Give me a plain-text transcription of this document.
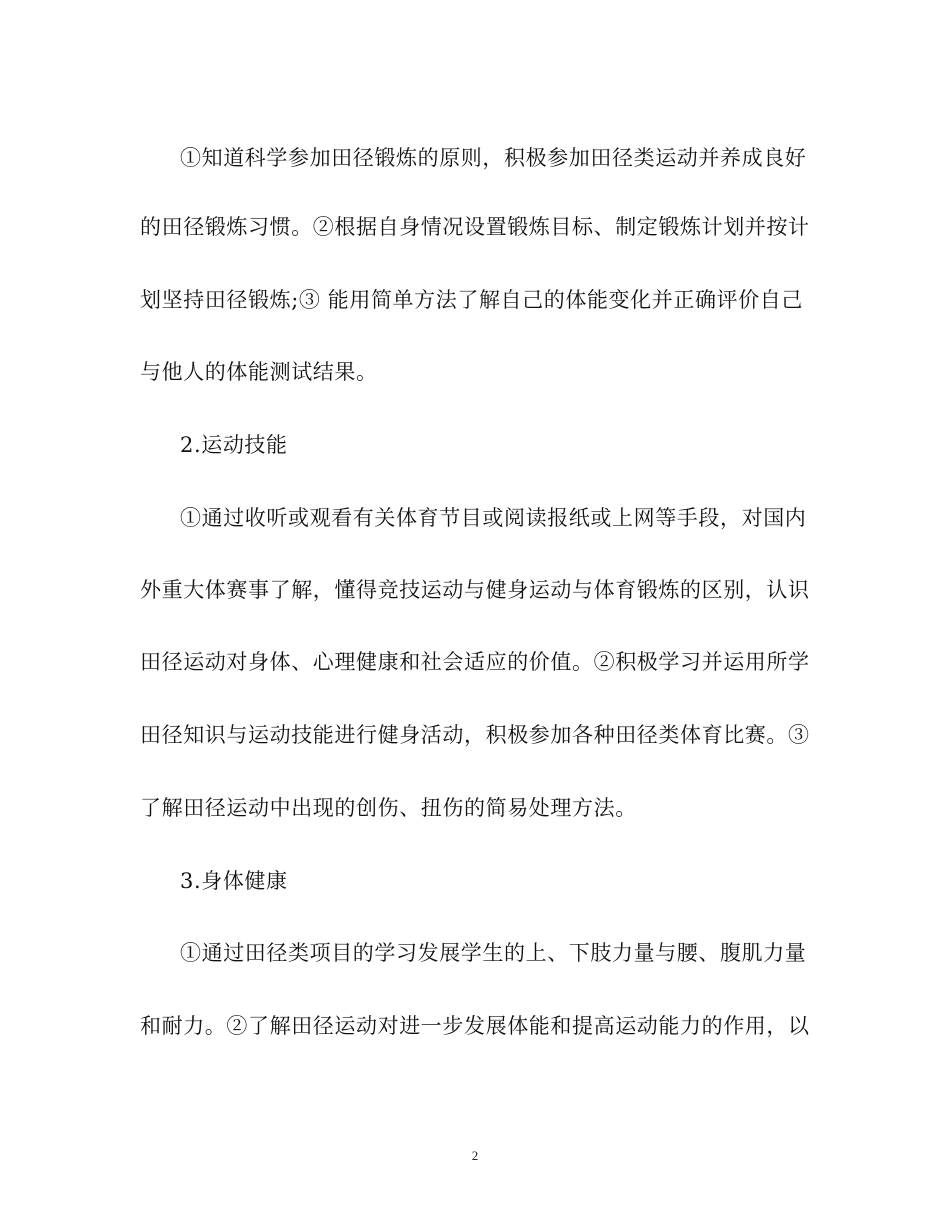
①知道科学参加田径锻炼的原则，积极参加田径类运动并养成良好
的田径锻炼习惯。②根据自身情况设置锻炼目标、制定锻炼计划并按计
划坚持田径锻炼;③ 能用简单方法了解自己的体能变化并正确评价自己
与他人的体能测试结果。
2.运动技能
①通过收听或观看有关体育节目或阅读报纸或上网等手段，对国内
外重大体赛事了解，懂得竞技运动与健身运动与体育锻炼的区别，认识
田径运动对身体、心理健康和社会适应的价值。②积极学习并运用所学
田径知识与运动技能进行健身活动，积极参加各种田径类体育比赛。③
了解田径运动中出现的创伤、扭伤的简易处理方法。
3.身体健康
①通过田径类项目的学习发展学生的上、下肢力量与腰、腹肌力量
和耐力。②了解田径运动对进一步发展体能和提高运动能力的作用，以
2
